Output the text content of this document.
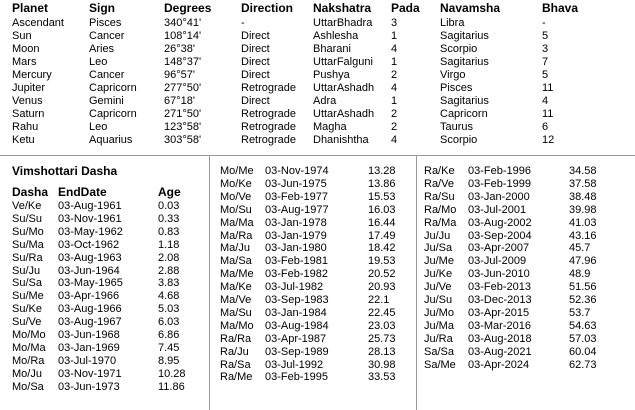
Planet	Sign	Degrees Direction Nakshatra Pada Navamsha	Bhava
Ascendant Pisces	340°41'	-	UttarBhadra 3	Libra	-
Sun	Cancer	108°14'	Direct	Ashlesha	1	Sagitarius	5
Moon	Aries	26°38'	Direct	Bharani	4	Scorpio	3
Mars	Leo	148°37'	Direct	UttarFalguni 1	Sagitarius	7
Mercury	Cancer	96°57'	Direct	Pushya	2	Virgo	5
Jupiter	Capricorn 277°50'	Retrograde UttarAshadh 4	Pisces	11
Venus	Gemini	67°18'	Direct	Adra	1	Sagitarius	4
Saturn	Capricorn 271°50'	Retrograde UttarAshadh 2	Capricorn	11
Rahu	Leo	123°58'	Retrograde Magha	2	Taurus	6
Ketu	Aquarius	303°58'	Retrograde Dhanishtha 4	Scorpio	12
Vimshottari Dasha
Dasha EndDate	Age
Ve/Ke 03-Aug-1961	0.03
Su/Su 03-Nov-1961	0.33
Su/Mo 03-May-1962	0.83
Su/Ma 03-Oct-1962	1.18
Su/Ra 03-Aug-1963	2.08
Su/Ju 03-Jun-1964	2.88
Su/Sa 03-May-1965	3.83
Su/Me 03-Apr-1966	4.68
Su/Ke 03-Aug-1966	5.03
Su/Ve 03-Aug-1967	6.03
Mo/Mo 03-Jun-1968	6.86
Mo/Ma 03-Jan-1969	7.45
Mo/Ra 03-Jul-1970	8.95
Mo/Ju 03-Nov-1971	10.28
Mo/Sa 03-Jun-1973	11.86
Mo/Me 03-Nov-1974	13.28
Mo/Ke 03-Jun-1975	13.86
Mo/Ve 03-Feb-1977	15.53
Mo/Su 03-Aug-1977	16.03
Ma/Ma 03-Jan-1978	16.44
Ma/Ra 03-Jan-1979	17.49
Ma/Ju 03-Jan-1980	18.42
Ma/Sa 03-Feb-1981	19.53
Ma/Me 03-Feb-1982	20.52
Ma/Ke 03-Jul-1982	20.93
Ma/Ve 03-Sep-1983	22.1
Ma/Su 03-Jan-1984	22.45
Ma/Mo 03-Aug-1984	23.03
Ra/Ra 03-Apr-1987	25.73
Ra/Ju 03-Sep-1989	28.13
Ra/Sa 03-Jul-1992	30.98
Ra/Me 03-Feb-1995	33.53
Ra/Ke 03-Feb-1996	34.58
Ra/Ve 03-Feb-1999	37.58
Ra/Su 03-Jan-2000	38.48
Ra/Mo 03-Jul-2001	39.98
Ra/Ma 03-Aug-2002	41.03
Ju/Ju 03-Sep-2004	43.16
Ju/Sa 03-Apr-2007	45.7
Ju/Me 03-Jul-2009	47.96
Ju/Ke 03-Jun-2010	48.9
Ju/Ve 03-Feb-2013	51.56
Ju/Su 03-Dec-2013	52.36
Ju/Mo 03-Apr-2015	53.7
Ju/Ma 03-Mar-2016	54.63
Ju/Ra 03-Aug-2018	57.03
Sa/Sa 03-Aug-2021	60.04
Sa/Me 03-Apr-2024	62.73
